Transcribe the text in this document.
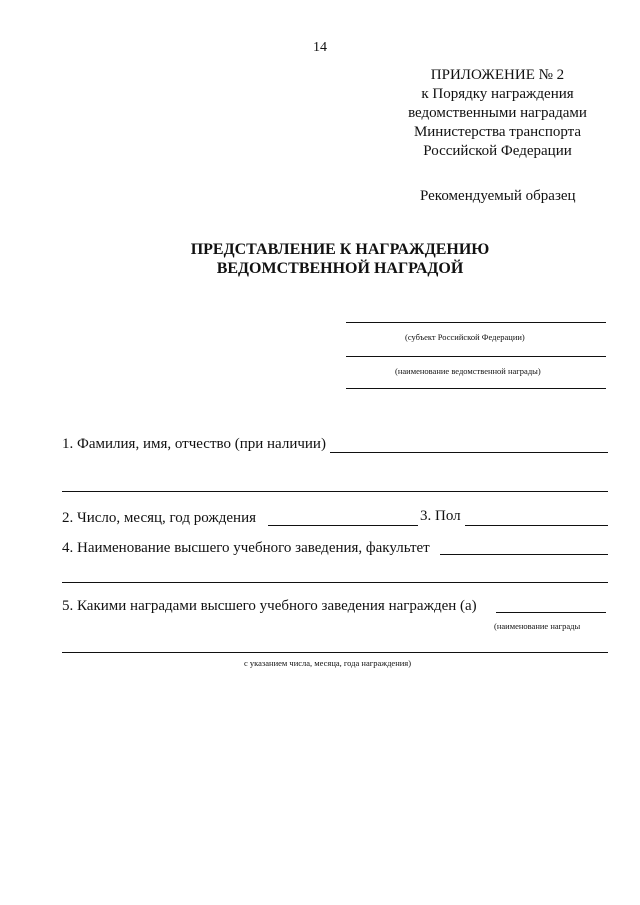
14
ПРИЛОЖЕНИЕ № 2
к Порядку награждения
ведомственными наградами
Министерства транспорта
Российской Федерации
Рекомендуемый образец
ПРЕДСТАВЛЕНИЕ К НАГРАЖДЕНИЮ
ВЕДОМСТВЕННОЙ НАГРАДОЙ
(субъект Российской Федерации)
(наименование ведомственной награды)
1. Фамилия, имя, отчество (при наличии)
2. Число, месяц, год рождения	3. Пол
4. Наименование высшего учебного заведения, факультет
5. Какими наградами высшего учебного заведения награжден (а)
(наименование награды
с указанием числа, месяца, года награждения)
